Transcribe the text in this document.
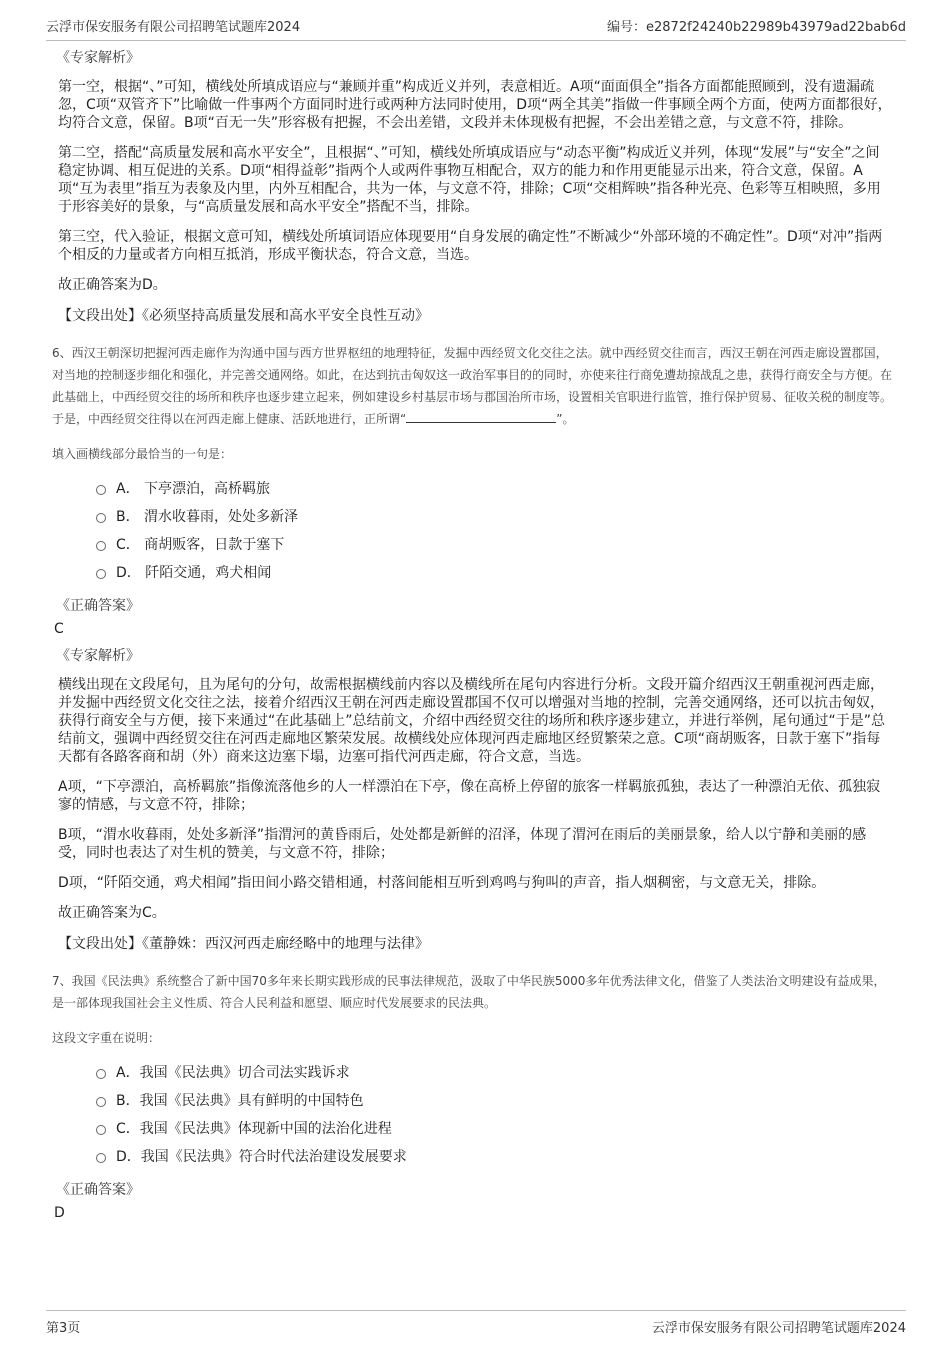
云浮市保安服务有限公司招聘笔试题库2024	编号：e2872f24240b22989b43979ad22bab6d
《专家解析》

第一空，根据“、”可知，横线处所填成语应与“兼顾并重”构成近义并列，表意相近。A项“面面俱全”指各方面都能照顾到，没有遗漏疏忽，C项“双管齐下”比喻做一件事两个方面同时进行或两种方法同时使用，D项“两全其美”指做一件事顾全两个方面，使两方面都很好，均符合文意，保留。B项“百无一失”形容极有把握，不会出差错，文段并未体现极有把握，不会出差错之意，与文意不符，排除。

第二空，搭配“高质量发展和高水平安全”，且根据“、”可知，横线处所填成语应与“动态平衡”构成近义并列，体现“发展”与“安全”之间稳定协调、相互促进的关系。D项“相得益彰”指两个人或两件事物互相配合，双方的能力和作用更能显示出来，符合文意，保留。A项“互为表里”指互为表象及内里，内外互相配合，共为一体，与文意不符，排除；C项“交相辉映”指各种光亮、色彩等互相映照，多用于形容美好的景象，与“高质量发展和高水平安全”搭配不当，排除。

第三空，代入验证，根据文意可知，横线处所填词语应体现要用“自身发展的确定性”不断减少“外部环境的不确定性”。D项“对冲”指两个相反的力量或者方向相互抵消，形成平衡状态，符合文意，当选。

故正确答案为D。

【文段出处】《必须坚持高质量发展和高水平安全良性互动》

6、西汉王朝深切把握河西走廊作为沟通中国与西方世界枢纽的地理特征，发掘中西经贸文化交往之法。就中西经贸交往而言，西汉王朝在河西走廊设置郡国，对当地的控制逐步细化和强化，并完善交通网络。如此，在达到抗击匈奴这一政治军事目的的同时，亦使来往行商免遭劫掠战乱之患，获得行商安全与方便。在此基础上，中西经贸交往的场所和秩序也逐步建立起来，例如建设乡村基层市场与郡国治所市场，设置相关官职进行监管，推行保护贸易、征收关税的制度等。于是，中西经贸交往得以在河西走廊上健康、活跃地进行，正所谓“	”。
填入画横线部分最恰当的一句是：
A． 下亭漂泊，高桥羁旅
B． 渭水收暮雨，处处多新泽
C． 商胡贩客，日款于塞下
D． 阡陌交通，鸡犬相闻
《正确答案》
C
《专家解析》

横线出现在文段尾句，且为尾句的分句，故需根据横线前内容以及横线所在尾句内容进行分析。文段开篇介绍西汉王朝重视河西走廊，并发掘中西经贸文化交往之法，接着介绍西汉王朝在河西走廊设置郡国不仅可以增强对当地的控制，完善交通网络，还可以抗击匈奴，获得行商安全与方便，接下来通过“在此基础上”总结前文，介绍中西经贸交往的场所和秩序逐步建立，并进行举例，尾句通过“于是”总结前文，强调中西经贸交往在河西走廊地区繁荣发展。故横线处应体现河西走廊地区经贸繁荣之意。C项“商胡贩客，日款于塞下”指每天都有各路客商和胡（外）商来这边塞下塌，边塞可指代河西走廊，符合文意，当选。

A项，“下亭漂泊，高桥羁旅”指像流落他乡的人一样漂泊在下亭，像在高桥上停留的旅客一样羁旅孤独，表达了一种漂泊无依、孤独寂寥的情感，与文意不符，排除；

B项，“渭水收暮雨，处处多新泽”指渭河的黄昏雨后，处处都是新鲜的沼泽，体现了渭河在雨后的美丽景象，给人以宁静和美丽的感受，同时也表达了对生机的赞美，与文意不符，排除；

D项，“阡陌交通，鸡犬相闻”指田间小路交错相通，村落间能相互听到鸡鸣与狗叫的声音，指人烟稠密，与文意无关，排除。

故正确答案为C。

【文段出处】《董静姝：西汉河西走廊经略中的地理与法律》

7、我国《民法典》系统整合了新中国70多年来长期实践形成的民事法律规范，汲取了中华民族5000多年优秀法律文化，借鉴了人类法治文明建设有益成果，是一部体现我国社会主义性质、符合人民利益和愿望、顺应时代发展要求的民法典。
这段文字重在说明：
A．我国《民法典》切合司法实践诉求
B．我国《民法典》具有鲜明的中国特色
C．我国《民法典》体现新中国的法治化进程
D．我国《民法典》符合时代法治建设发展要求
《正确答案》
D
第3页	云浮市保安服务有限公司招聘笔试题库2024
